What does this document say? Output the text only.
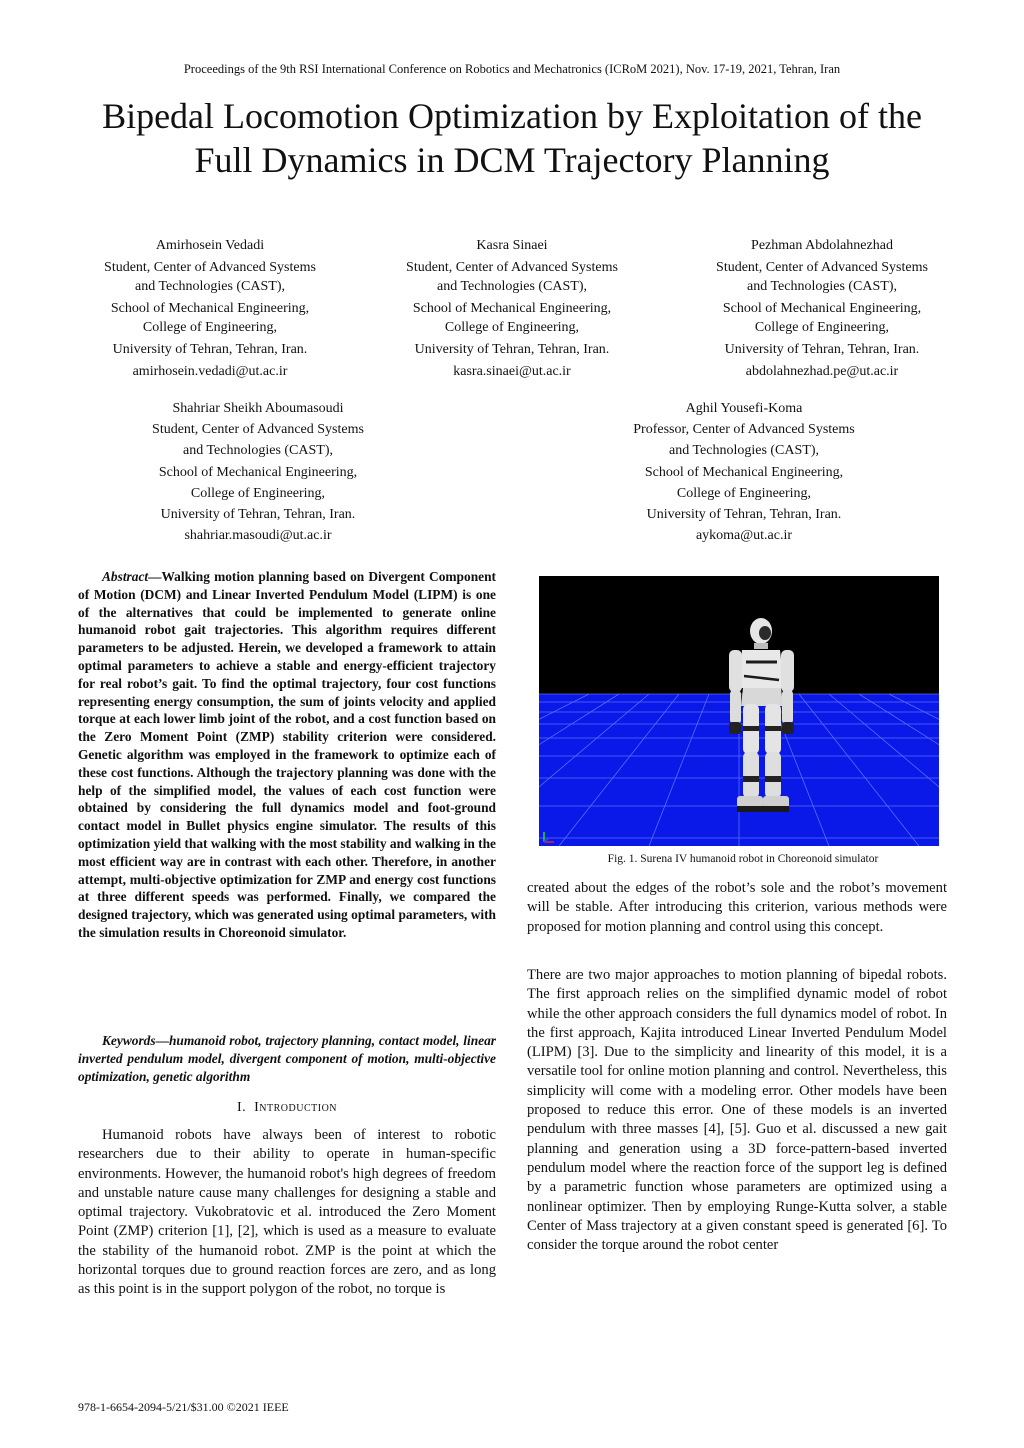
Proceedings of the 9th RSI International Conference on Robotics and Mechatronics (ICRoM 2021), Nov. 17-19, 2021, Tehran, Iran
Bipedal Locomotion Optimization by Exploitation of the
Full Dynamics in DCM Trajectory Planning
Amirhosein Vedadi
Student, Center of Advanced Systems
and Technologies (CAST),
School of Mechanical Engineering,
College of Engineering,
University of Tehran, Tehran, Iran.
amirhosein.vedadi@ut.ac.ir
Kasra Sinaei
Student, Center of Advanced Systems
and Technologies (CAST),
School of Mechanical Engineering,
College of Engineering,
University of Tehran, Tehran, Iran.
kasra.sinaei@ut.ac.ir
Pezhman Abdolahnezhad
Student, Center of Advanced Systems
and Technologies (CAST),
School of Mechanical Engineering,
College of Engineering,
University of Tehran, Tehran, Iran.
abdolahnezhad.pe@ut.ac.ir
Shahriar Sheikh Aboumasoudi
Student, Center of Advanced Systems
and Technologies (CAST),
School of Mechanical Engineering,
College of Engineering,
University of Tehran, Tehran, Iran.
shahriar.masoudi@ut.ac.ir
Aghil Yousefi-Koma
Professor, Center of Advanced Systems
and Technologies (CAST),
School of Mechanical Engineering,
College of Engineering,
University of Tehran, Tehran, Iran.
aykoma@ut.ac.ir

Abstract—Walking motion planning based on Divergent Component of Motion (DCM) and Linear Inverted Pendulum Model (LIPM) is one of the alternatives that could be implemented to generate online humanoid robot gait trajectories. This algorithm requires different parameters to be adjusted. Herein, we developed a framework to attain optimal parameters to achieve a stable and energy-efficient trajectory for real robot’s gait. To find the optimal trajectory, four cost functions representing energy consumption, the sum of joints velocity and applied torque at each lower limb joint of the robot, and a cost function based on the Zero Moment Point (ZMP) stability criterion were considered. Genetic algorithm was employed in the framework to optimize each of these cost functions. Although the trajectory planning was done with the help of the simplified model, the values of each cost function were obtained by considering the full dynamics model and foot-ground contact model in Bullet physics engine simulator. The results of this optimization yield that walking with the most stability and walking in the most efficient way are in contrast with each other. Therefore, in another attempt, multi-objective optimization for ZMP and energy cost functions at three different speeds was performed. Finally, we compared the designed trajectory, which was generated using optimal parameters, with the simulation results in Choreonoid simulator.

Keywords—humanoid robot, trajectory planning, contact model, linear inverted pendulum model, divergent component of motion, multi-objective optimization, genetic algorithm

I. Introduction

Humanoid robots have always been of interest to robotic researchers due to their ability to operate in human-specific environments. However, the humanoid robot's high degrees of freedom and unstable nature cause many challenges for designing a stable and optimal trajectory. Vukobratovic et al. introduced the Zero Moment Point (ZMP) criterion [1], [2], which is used as a measure to evaluate the stability of the humanoid robot. ZMP is the point at which the horizontal torques due to ground reaction forces are zero, and as long as this point is in the support polygon of the robot, no torque is

Fig. 1. Surena IV humanoid robot in Choreonoid simulator

created about the edges of the robot’s sole and the robot’s movement will be stable. After introducing this criterion, various methods were proposed for motion planning and control using this concept.

There are two major approaches to motion planning of bipedal robots. The first approach relies on the simplified dynamic model of robot while the other approach considers the full dynamics model of robot. In the first approach, Kajita introduced Linear Inverted Pendulum Model (LIPM) [3]. Due to the simplicity and linearity of this model, it is a versatile tool for online motion planning and control. Nevertheless, this simplicity will come with a modeling error. Other models have been proposed to reduce this error. One of these models is an inverted pendulum with three masses [4], [5]. Guo et al. discussed a new gait planning and generation using a 3D force-pattern-based inverted pendulum model where the reaction force of the support leg is defined by a parametric function whose parameters are optimized using a nonlinear optimizer. Then by employing Runge-Kutta solver, a stable Center of Mass trajectory at a given constant speed is generated [6]. To consider the torque around the robot center

978-1-6654-2094-5/21/$31.00 ©2021 IEEE
